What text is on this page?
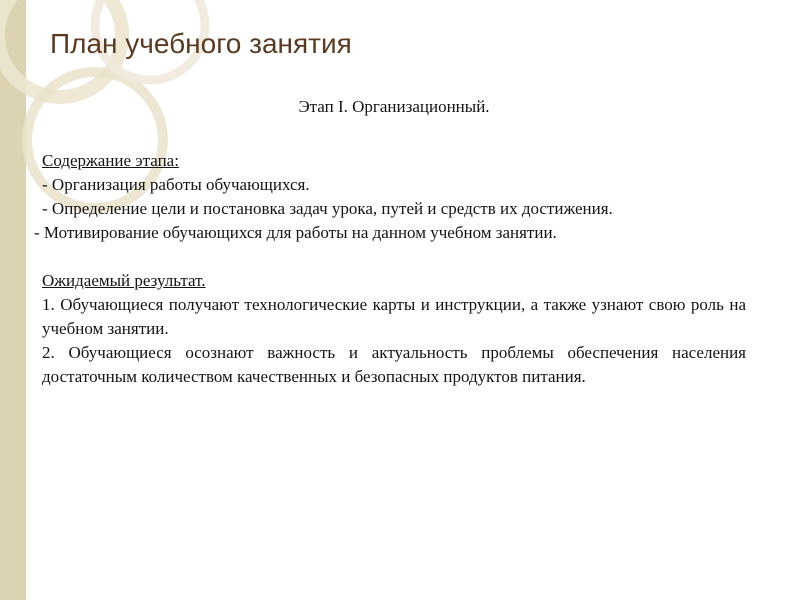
План учебного занятия
Этап I. Организационный.
Содержание этапа:
- Организация работы обучающихся.
- Определение цели и постановка задач урока, путей и средств их достижения.
- Мотивирование обучающихся для работы на данном учебном занятии.
Ожидаемый результат.
1. Обучающиеся получают технологические карты и инструкции, а также узнают свою роль на учебном занятии.
2. Обучающиеся осознают важность и актуальность проблемы обеспечения населения достаточным количеством качественных и безопасных продуктов питания.
